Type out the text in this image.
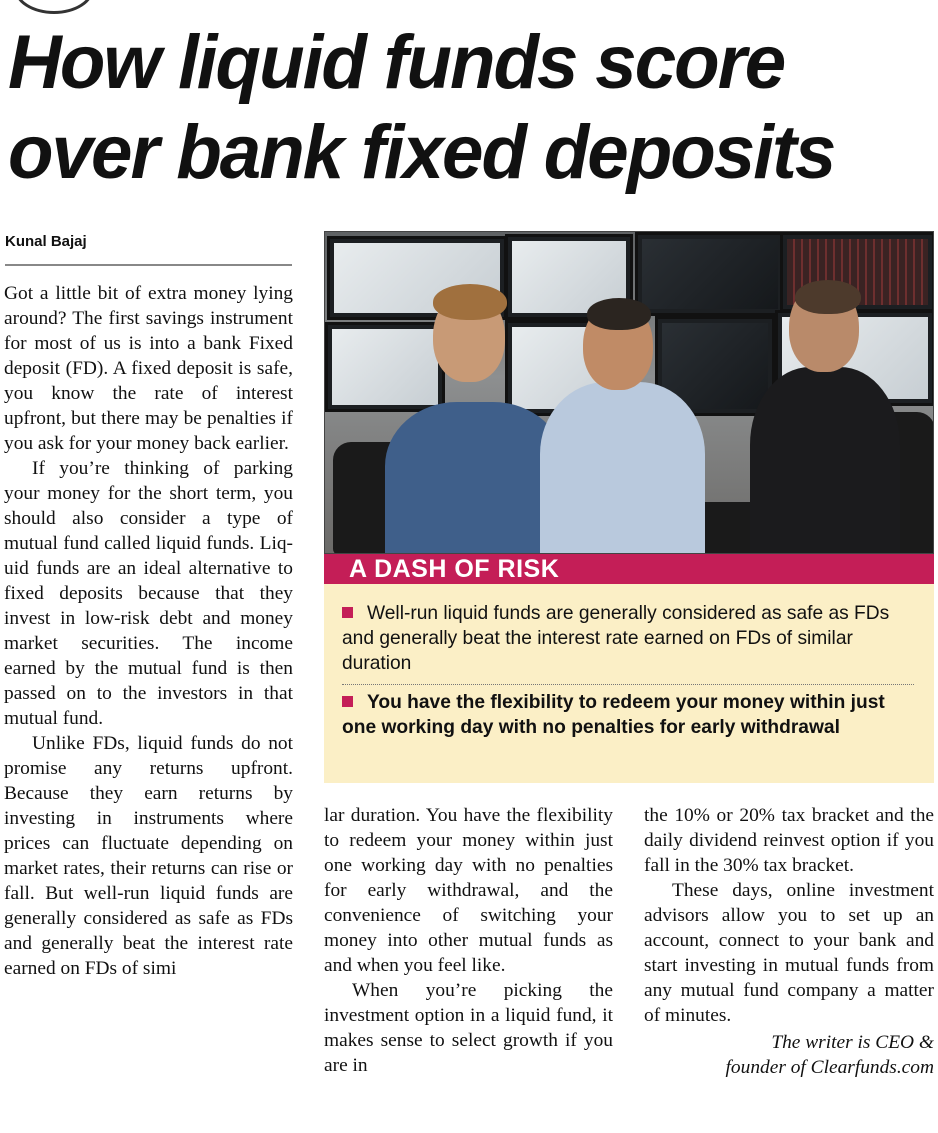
How liquid funds score
over bank fixed deposits
Kunal Bajaj

Got a little bit of extra money lying around? The first savings instrument for most of us is into a bank Fixed deposit (FD). A fixed deposit is safe, you know the rate of interest upfront, but there may be penalties if you ask for your money back earlier.

If you’re thinking of parking your money for the short term, you should also consider a type of mutual fund called liquid funds. Liquid funds are an ideal alternative to fixed deposits because that they invest in low-risk debt and money market securities. The income earned by the mutual fund is then passed on to the investors in that mutual fund.

Unlike FDs, liquid funds do not promise any returns upfront. Because they earn returns by investing in instruments where prices can fluctuate depending on market rates, their returns can rise or fall. But well-run liquid funds are generally considered as safe as FDs and generally beat the interest rate earned on FDs of simi

A DASH OF RISK
Well-run liquid funds are generally considered as safe as FDs and generally beat the interest rate earned on FDs of similar duration
You have the flexibility to redeem your money within just one working day with no penalties for early withdrawal

lar duration. You have the flexibility to redeem your money within just one working day with no penalties for early withdrawal, and the convenience of switching your money into other mutual funds as and when you feel like.

When you’re picking the investment option in a liquid fund, it makes sense to select growth if you are in

the 10% or 20% tax bracket and the daily dividend reinvest option if you fall in the 30% tax bracket.

These days, online investment advisors allow you to set up an account, connect to your bank and start investing in mutual funds from any mutual fund company a matter of minutes.

The writer is CEO &
founder of Clearfunds.com
